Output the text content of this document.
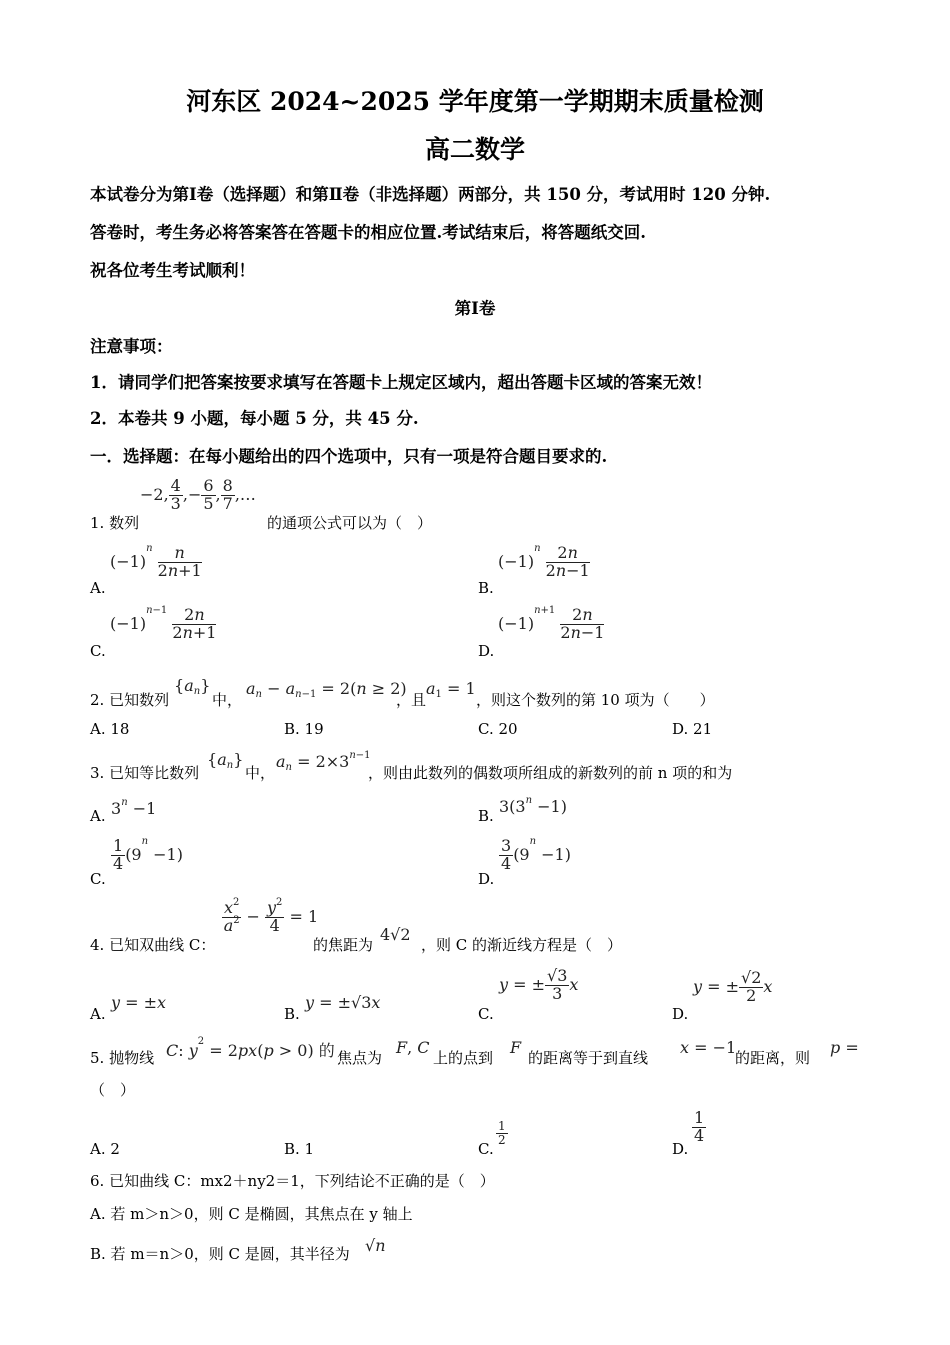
河东区 2024~2025 学年度第一学期期末质量检测
高二数学
本试卷分为第Ⅰ卷（选择题）和第Ⅱ卷（非选择题）两部分，共 150 分，考试用时 120 分钟.
答卷时，考生务必将答案答在答题卡的相应位置.考试结束后，将答题纸交回.
祝各位考生考试顺利！
第Ⅰ卷
注意事项：
1．请同学们把答案按要求填写在答题卡上规定区域内，超出答题卡区域的答案无效！
2．本卷共 9 小题，每小题 5 分，共 45 分.
一．选择题：在每小题给出的四个选项中，只有一项是符合题目要求的.
1. 数列
−2, $\frac{4}{3}$ ,− $\frac{6}{5}$ , $\frac{8}{7}$ ,…
的通项公式可以为（　）
A.
$(-1)^n \frac{n}{2n+1}$
B.
$(-1)^n \frac{2n}{2n-1}$
C.
$(-1)^{n-1} \frac{2n}{2n+1}$
D.
$(-1)^{n+1} \frac{2n}{2n-1}$
2. 已知数列
{an}
中，
an − an−1 = 2(n ≥ 2)
，且
a1 = 1
，则这个数列的第 10 项为（　　）
A. 18	B. 19	C. 20	D. 21
3. 已知等比数列
{an}
中，
an = $2\times 3^{n-1}$
，则由此数列的偶数项所组成的新数列的前 n 项的和为
A. $3^n -1$	B. $3(3^n -1)$
C.
$\frac{1}{4} (9^n -1)$
D.
$\frac{3}{4} (9^n -1)$
4. 已知双曲线 C：
$\frac{x^2}{a^2} - \frac{y^2}{4} = 1$
的焦距为
4√2
，则 C 的渐近线方程是（　）
A.
y = ±x
B.
y = ±√3x
C.
y = ± $\frac{√3}{3}$ x
D.
y = ± $\frac{√2}{2}$ x
5. 抛物线 C: $y^2 = 2px(p > 0)$ 的 焦点为
F, C
上的点到
F
的距离等于到直线
x = −1
的距离，则
p =
（　）
A. 2	B. 1	C.
$\frac{1}{2}$
D.
$\frac{1}{4}$
6. 已知曲线 C：mx2＋ny2＝1，下列结论不正确的是（　）
A. 若 m＞n＞0，则 C 是椭圆，其焦点在 y 轴上
B. 若 m＝n＞0，则 C 是圆，其半径为 √n
